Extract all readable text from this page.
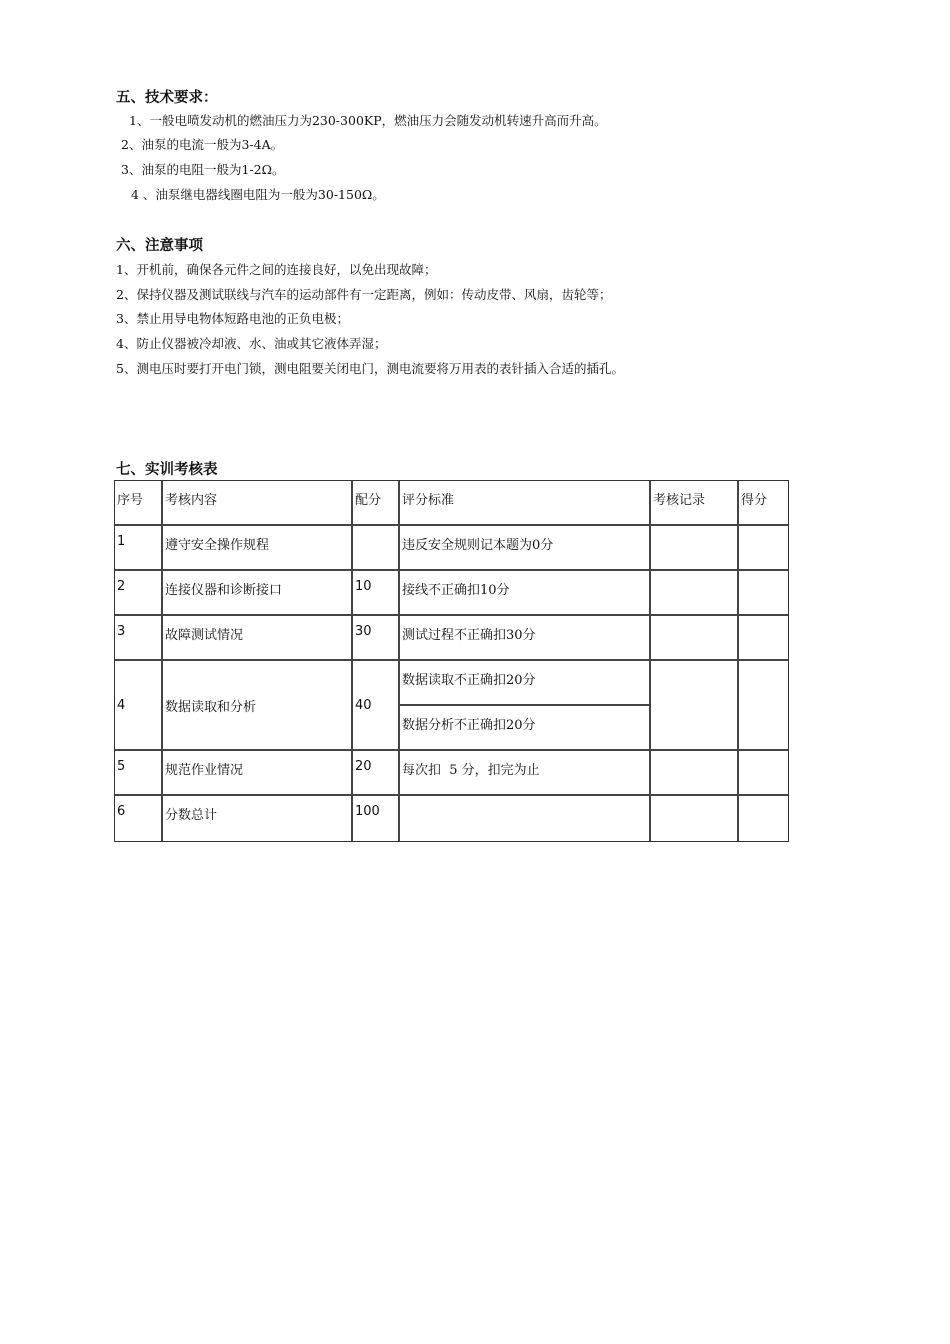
五、技术要求：
1、一般电喷发动机的燃油压力为230-300KP，燃油压力会随发动机转速升高而升高。
2、油泵的电流一般为3-4A。
3、油泵的电阻一般为1-2Ω。
4 、油泵继电器线圈电阻为一般为30-150Ω。
六、注意事项
1、开机前，确保各元件之间的连接良好，以免出现故障；
2、保持仪器及测试联线与汽车的运动部件有一定距离，例如：传动皮带、风扇，齿轮等；
3、禁止用导电物体短路电池的正负电极；
4、防止仪器被冷却液、水、油或其它液体弄湿；
5、测电压时要打开电门锁，测电阻要关闭电门，测电流要将万用表的表针插入合适的插孔。
七、实训考核表
序号	考核内容	配分	评分标准	考核记录	得分
1	遵守安全操作规程		违反安全规则记本题为0分		
2	连接仪器和诊断接口	10	接线不正确扣10分		
3	故障测试情况	30	测试过程不正确扣30分		
4	数据读取和分析	40	数据读取不正确扣20分		
			数据分析不正确扣20分		
5	规范作业情况	20	每次扣  5 分，扣完为止		
6	分数总计	100			
